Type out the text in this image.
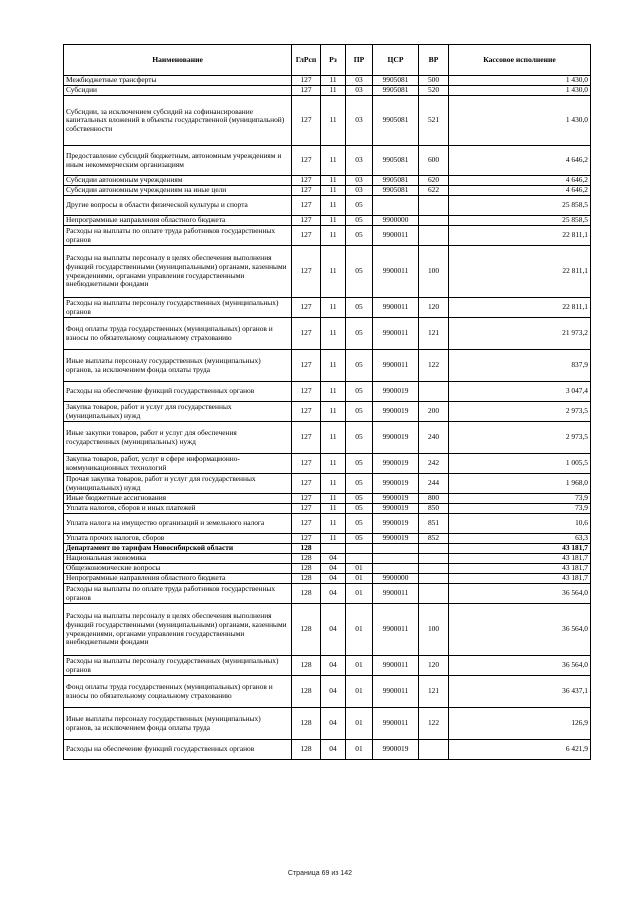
Наименование	ГлРсп	Рз	ПР	ЦСР	ВР	Кассовое исполнение
Межбюджетные трансферты	127	11	03	9905081	500	1 430,0
Субсидии	127	11	03	9905081	520	1 430,0
Субсидии, за исключением субсидий на софинансирование капитальных вложений в объекты государственной (муниципальной) собственности	127	11	03	9905081	521	1 430,0
Предоставление субсидий бюджетным, автономным учреждениям и иным некоммерческим организациям	127	11	03	9905081	600	4 646,2
Субсидии автономным учреждениям	127	11	03	9905081	620	4 646,2
Субсидии автономным учреждениям на иные цели	127	11	03	9905081	622	4 646,2
Другие вопросы в области физической культуры и спорта	127	11	05			25 858,5
Непрограммные направления областного бюджета	127	11	05	9900000		25 858,5
Расходы на выплаты по оплате труда работников государственных органов	127	11	05	9900011		22 811,1
Расходы на выплаты персоналу в целях обеспечения выполнения функций государственными (муниципальными) органами, казенными учреждениями, органами управления государственными внебюджетными фондами	127	11	05	9900011	100	22 811,1
Расходы на выплаты персоналу государственных (муниципальных) органов	127	11	05	9900011	120	22 811,1
Фонд оплаты труда государственных (муниципальных) органов и взносы по обязательному социальному страхованию	127	11	05	9900011	121	21 973,2
Иные выплаты персоналу государственных (муниципальных) органов, за исключением фонда оплаты труда	127	11	05	9900011	122	837,9
Расходы на обеспечение функций государственных органов	127	11	05	9900019		3 047,4
Закупка товаров, работ и услуг для государственных (муниципальных) нужд	127	11	05	9900019	200	2 973,5
Иные закупки товаров, работ и услуг для обеспечения государственных (муниципальных) нужд	127	11	05	9900019	240	2 973,5
Закупка товаров, работ, услуг в сфере информационно-коммуникационных технологий	127	11	05	9900019	242	1 005,5
Прочая закупка товаров, работ и услуг для государственных (муниципальных) нужд	127	11	05	9900019	244	1 968,0
Иные бюджетные ассигнования	127	11	05	9900019	800	73,9
Уплата налогов, сборов и иных платежей	127	11	05	9900019	850	73,9
Уплата налога на имущество организаций и земельного налога	127	11	05	9900019	851	10,6
Уплата прочих налогов, сборов	127	11	05	9900019	852	63,3
Департамент по тарифам Новосибирской области	128					43 181,7
Национальная экономика	128	04				43 181,7
Общеэкономические вопросы	128	04	01			43 181,7
Непрограммные направления областного бюджета	128	04	01	9900000		43 181,7
Расходы на выплаты по оплате труда работников государственных органов	128	04	01	9900011		36 564,0
Расходы на выплаты персоналу в целях обеспечения выполнения функций государственными (муниципальными) органами, казенными учреждениями, органами управления государственными внебюджетными фондами	128	04	01	9900011	100	36 564,0
Расходы на выплаты персоналу государственных (муниципальных) органов	128	04	01	9900011	120	36 564,0
Фонд оплаты труда государственных (муниципальных) органов и взносы по обязательному социальному страхованию	128	04	01	9900011	121	36 437,1
Иные выплаты персоналу государственных (муниципальных) органов, за исключением фонда оплаты труда	128	04	01	9900011	122	126,9
Расходы на обеспечение функций государственных органов	128	04	01	9900019		6 421,9
Страница 69 из 142
